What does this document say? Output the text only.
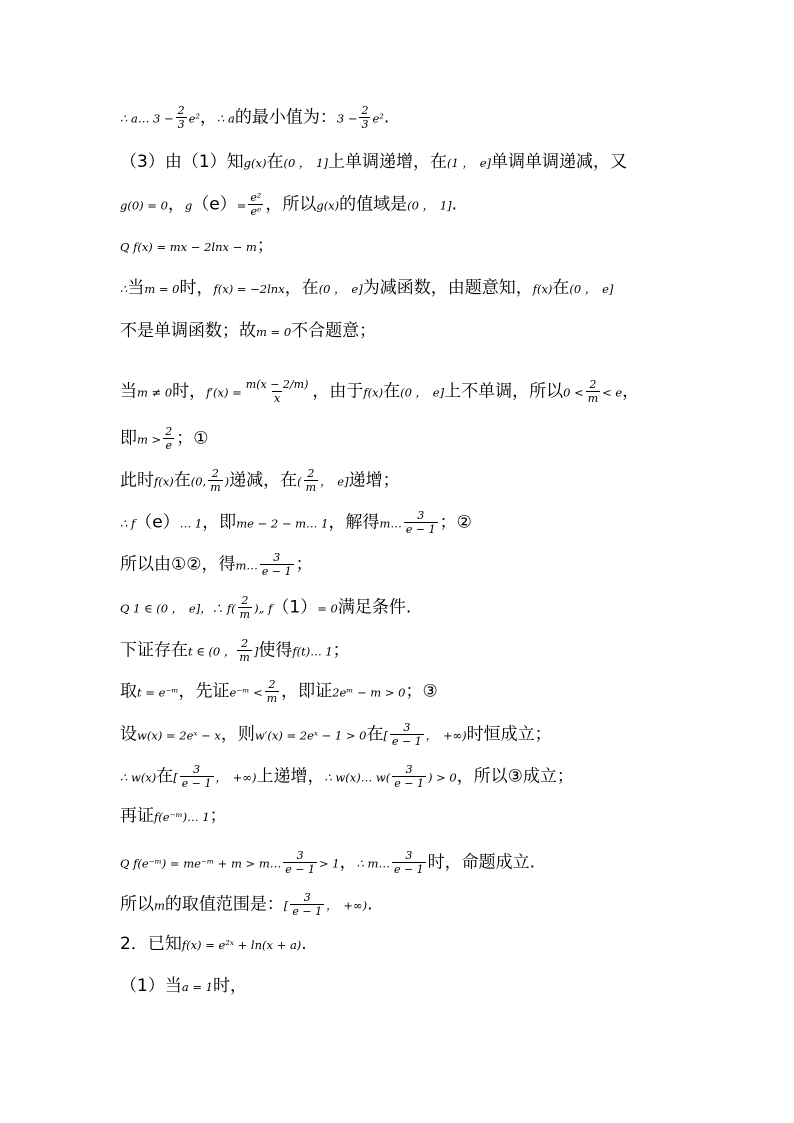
∴ a… $3 - \frac{2}{3} e^2$，∴ a的最小值为：$3 - \frac{2}{3} e^2$.
（3）由（1）知g(x)在(0 ，　1]上单调递增，在(1 ，　e]单调单调递减，又
g(0) = 0，$g(e)= \frac{\text{e²}}{\text{eᵉ}}$ ，所以g(x)的值域是(0 ，　1].
Q f(x) = mx − 2lnx − m；
∴当m = 0时，f(x) = −2lnx，在(0 ，　e]为减函数，由题意知，f(x)在(0 ，　e]
不是单调函数；故m = 0不合题意；
当m ≠ 0时，$f'(x) = \frac{m(x - 2/m)}{x}$ ，由于f(x)在(0 ，　e]上不单调，所以$0 < \frac{2}{m} < e$，
即$m > \frac{2}{e}$ ；①
此时f(x)在(0, $\frac{2}{m}$ )递减，在( $\frac{2}{m}$ ，　e]递增；
∴ f（e）… 1，即me − 2 − m… 1，解得m… $\frac{3}{e - 1}$ ；②
所以由①②，得m… $\frac{3}{e - 1}$ ；
Q 1 ∈ (0 ，　e]，∴ $f( \frac{2}{m}$ )„ f（1）= 0满足条件.
下证存在t ∈ (0 ， $\frac{2}{m}$ ]使得f(t)… 1；
取t = e⁻ᵐ，先证e⁻ᵐ < $\frac{2}{m}$ ，即证2eᵐ − m > 0；③
设w(x) = 2eˣ − x，则w′(x) = 2eˣ − 1 > 0在[ $\frac{3}{e - 1}$ ，　+∞)时恒成立；
∴ w(x)在[ $\frac{3}{e - 1}$ ，　+∞)上递增，∴ w(x)… $w( \frac{3}{e - 1}$ ) > 0，所以③成立；
再证f(e⁻ᵐ)… 1；
Q f(e⁻ᵐ) = me⁻ᵐ + m > m… $\frac{3}{e - 1} > 1$，∴ m… $\frac{3}{e - 1}$ 时，命题成立.
所以m的取值范围是：[ $\frac{3}{e - 1}$ ，　+∞).
2．已知f(x) = e²ˣ + ln(x + a).
（1）当a = 1时，
